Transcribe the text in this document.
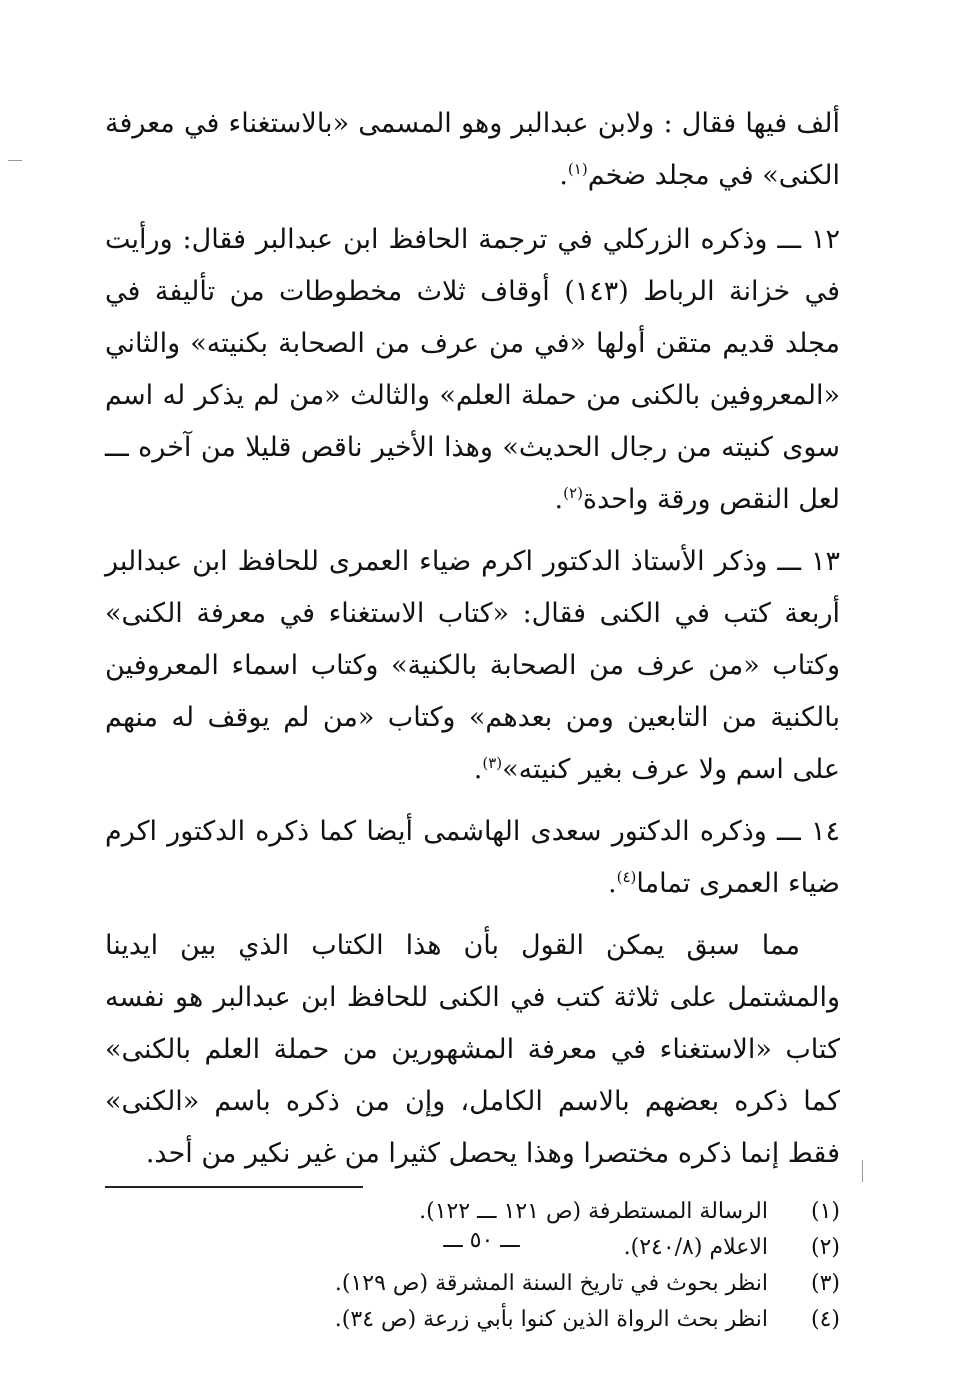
ألف فيها فقال : ولابن عبدالبر وهو المسمى «بالاستغناء في معرفة الكنى» في مجلد ضخم$^{(١)}$.

١٢ ـــ وذكره الزركلي في ترجمة الحافظ ابن عبدالبر فقال: ورأيت في خزانة الرباط (١٤٣) أوقاف ثلاث مخطوطات من تأليفة في مجلد قديم متقن أولها «في من عرف من الصحابة بكنيته» والثاني «المعروفين بالكنى من حملة العلم» والثالث «من لم يذكر له اسم سوى كنيته من رجال الحديث» وهذا الأخير ناقص قليلا من آخره ـــ لعل النقص ورقة واحدة$^{(٢)}$.

١٣ ـــ وذكر الأستاذ الدكتور اكرم ضياء العمرى للحافظ ابن عبدالبر أربعة كتب في الكنى فقال: «كتاب الاستغناء في معرفة الكنى» وكتاب «من عرف من الصحابة بالكنية» وكتاب اسماء المعروفين بالكنية من التابعين ومن بعدهم» وكتاب «من لم يوقف له منهم على اسم ولا عرف بغير كنيته»$^{(٣)}$.

١٤ ـــ وذكره الدكتور سعدى الهاشمى أيضا كما ذكره الدكتور اكرم ضياء العمرى تماما$^{(٤)}$.

مما سبق يمكن القول بأن هذا الكتاب الذي بين ايدينا والمشتمل على ثلاثة كتب في الكنى للحافظ ابن عبدالبر هو نفسه كتاب «الاستغناء في معرفة المشهورين من حملة العلم بالكنى» كما ذكره بعضهم بالاسم الكامل، وإن من ذكره باسم «الكنى» فقط إنما ذكره مختصرا وهذا يحصل كثيرا من غير نكير من أحد.

(١)
الرسالة المستطرفة (ص ١٢١ ـــ ١٢٢).
(٢)
الاعلام (٢٤٠/٨).
(٣)
انظر بحوث في تاريخ السنة المشرقة (ص ١٢٩).
(٤)
انظر بحث الرواة الذين كنوا بأبي زرعة (ص ٣٤).
ـــ ٥٠ ـــ
